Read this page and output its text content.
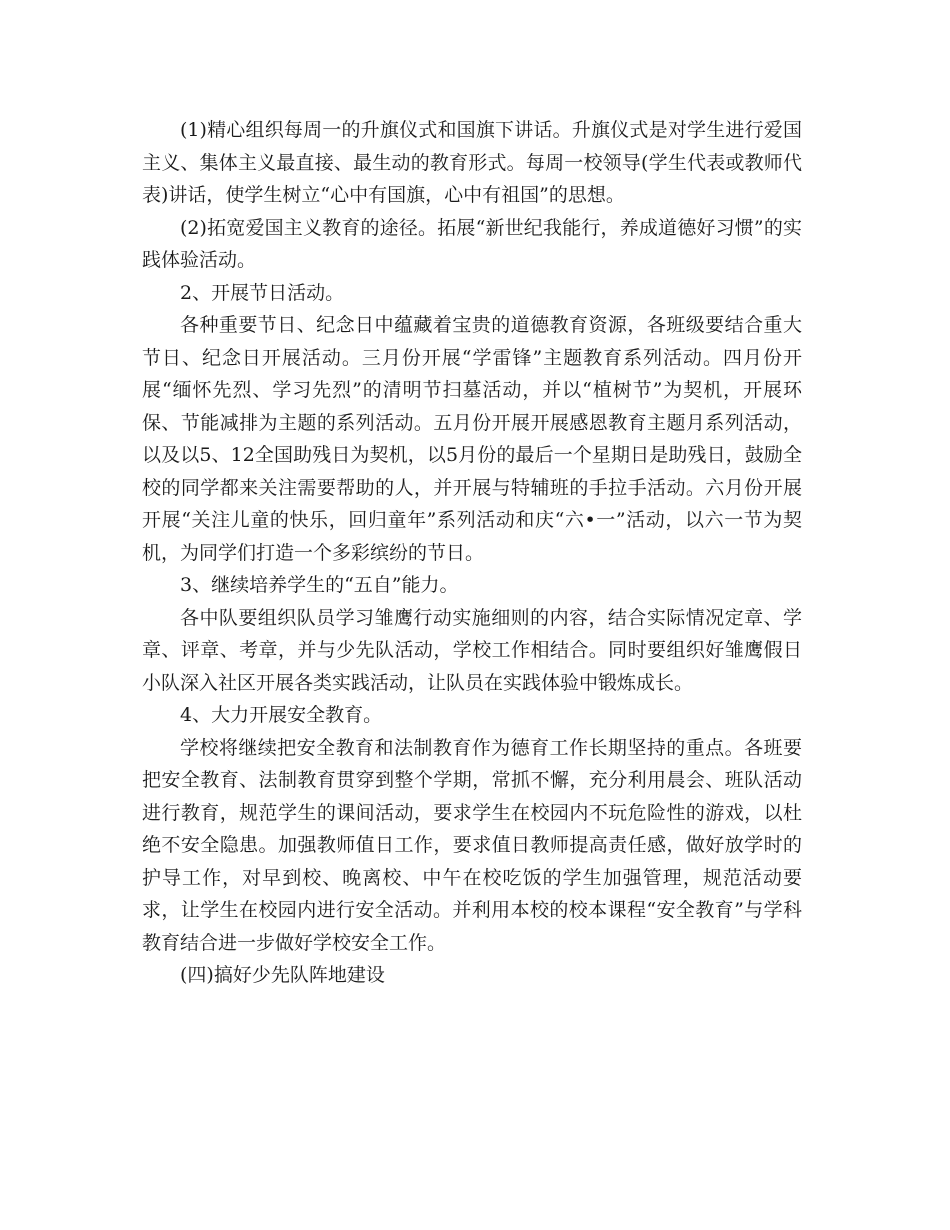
(1)精心组织每周一的升旗仪式和国旗下讲话。升旗仪式是对学生进行爱国主义、集体主义最直接、最生动的教育形式。每周一校领导(学生代表或教师代表)讲话，使学生树立“心中有国旗，心中有祖国”的思想。

(2)拓宽爱国主义教育的途径。拓展“新世纪我能行，养成道德好习惯”的实践体验活动。

2、开展节日活动。

各种重要节日、纪念日中蕴藏着宝贵的道德教育资源，各班级要结合重大节日、纪念日开展活动。三月份开展“学雷锋”主题教育系列活动。四月份开展“缅怀先烈、学习先烈”的清明节扫墓活动，并以“植树节”为契机，开展环保、节能减排为主题的系列活动。五月份开展开展感恩教育主题月系列活动，以及以5、12全国助残日为契机，以5月份的最后一个星期日是助残日，鼓励全校的同学都来关注需要帮助的人，并开展与特辅班的手拉手活动。六月份开展开展“关注儿童的快乐，回归童年”系列活动和庆“六•一”活动，以六一节为契机，为同学们打造一个多彩缤纷的节日。

3、继续培养学生的“五自”能力。

各中队要组织队员学习雏鹰行动实施细则的内容，结合实际情况定章、学章、评章、考章，并与少先队活动，学校工作相结合。同时要组织好雏鹰假日小队深入社区开展各类实践活动，让队员在实践体验中锻炼成长。

4、大力开展安全教育。

学校将继续把安全教育和法制教育作为德育工作长期坚持的重点。各班要把安全教育、法制教育贯穿到整个学期，常抓不懈，充分利用晨会、班队活动进行教育，规范学生的课间活动，要求学生在校园内不玩危险性的游戏，以杜绝不安全隐患。加强教师值日工作，要求值日教师提高责任感，做好放学时的护导工作，对早到校、晚离校、中午在校吃饭的学生加强管理，规范活动要求，让学生在校园内进行安全活动。并利用本校的校本课程“安全教育”与学科教育结合进一步做好学校安全工作。

(四)搞好少先队阵地建设
